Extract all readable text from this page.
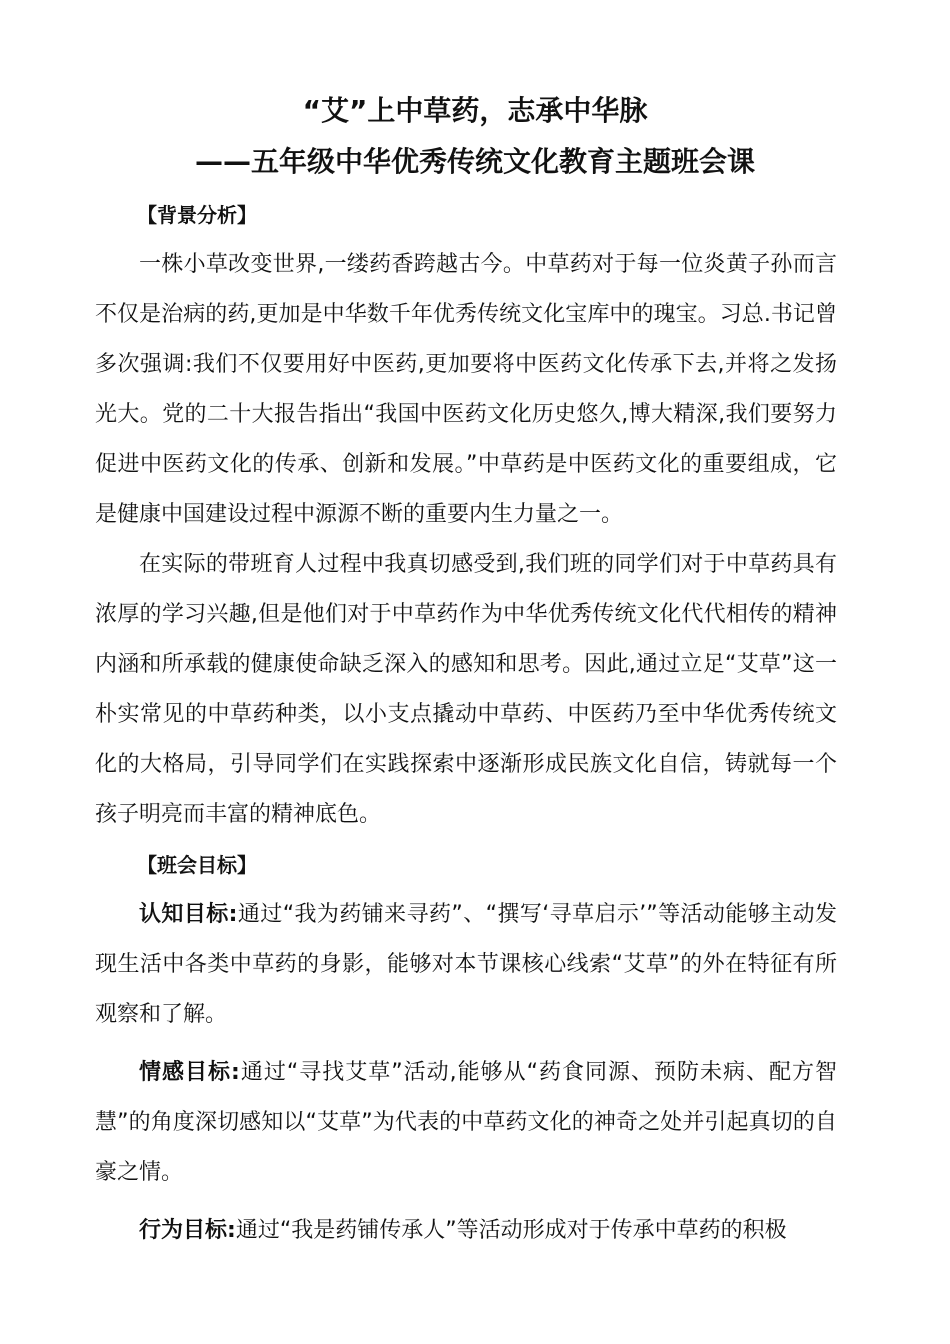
“艾”上中草药，志承中华脉
——五年级中华优秀传统文化教育主题班会课

【背景分析】

一株小草改变世界,一缕药香跨越古今。中草药对于每一位炎黄子孙而言不仅是治病的药,更加是中华数千年优秀传统文化宝库中的瑰宝。习总.书记曾多次强调:我们不仅要用好中医药,更加要将中医药文化传承下去,并将之发扬光大。党的二十大报告指出“我国中医药文化历史悠久,博大精深,我们要努力促进中医药文化的传承、创新和发展。”中草药是中医药文化的重要组成，它是健康中国建设过程中源源不断的重要内生力量之一。

在实际的带班育人过程中我真切感受到,我们班的同学们对于中草药具有浓厚的学习兴趣,但是他们对于中草药作为中华优秀传统文化代代相传的精神内涵和所承载的健康使命缺乏深入的感知和思考。因此,通过立足“艾草”这一朴实常见的中草药种类，以小支点撬动中草药、中医药乃至中华优秀传统文化的大格局，引导同学们在实践探索中逐渐形成民族文化自信，铸就每一个孩子明亮而丰富的精神底色。

【班会目标】

认知目标:通过“我为药铺来寻药”、“撰写‘寻草启示’”等活动能够主动发现生活中各类中草药的身影，能够对本节课核心线索“艾草”的外在特征有所观察和了解。

情感目标:通过“寻找艾草”活动,能够从“药食同源、预防未病、配方智慧”的角度深切感知以“艾草”为代表的中草药文化的神奇之处并引起真切的自豪之情。

行为目标:通过“我是药铺传承人”等活动形成对于传承中草药的积极
